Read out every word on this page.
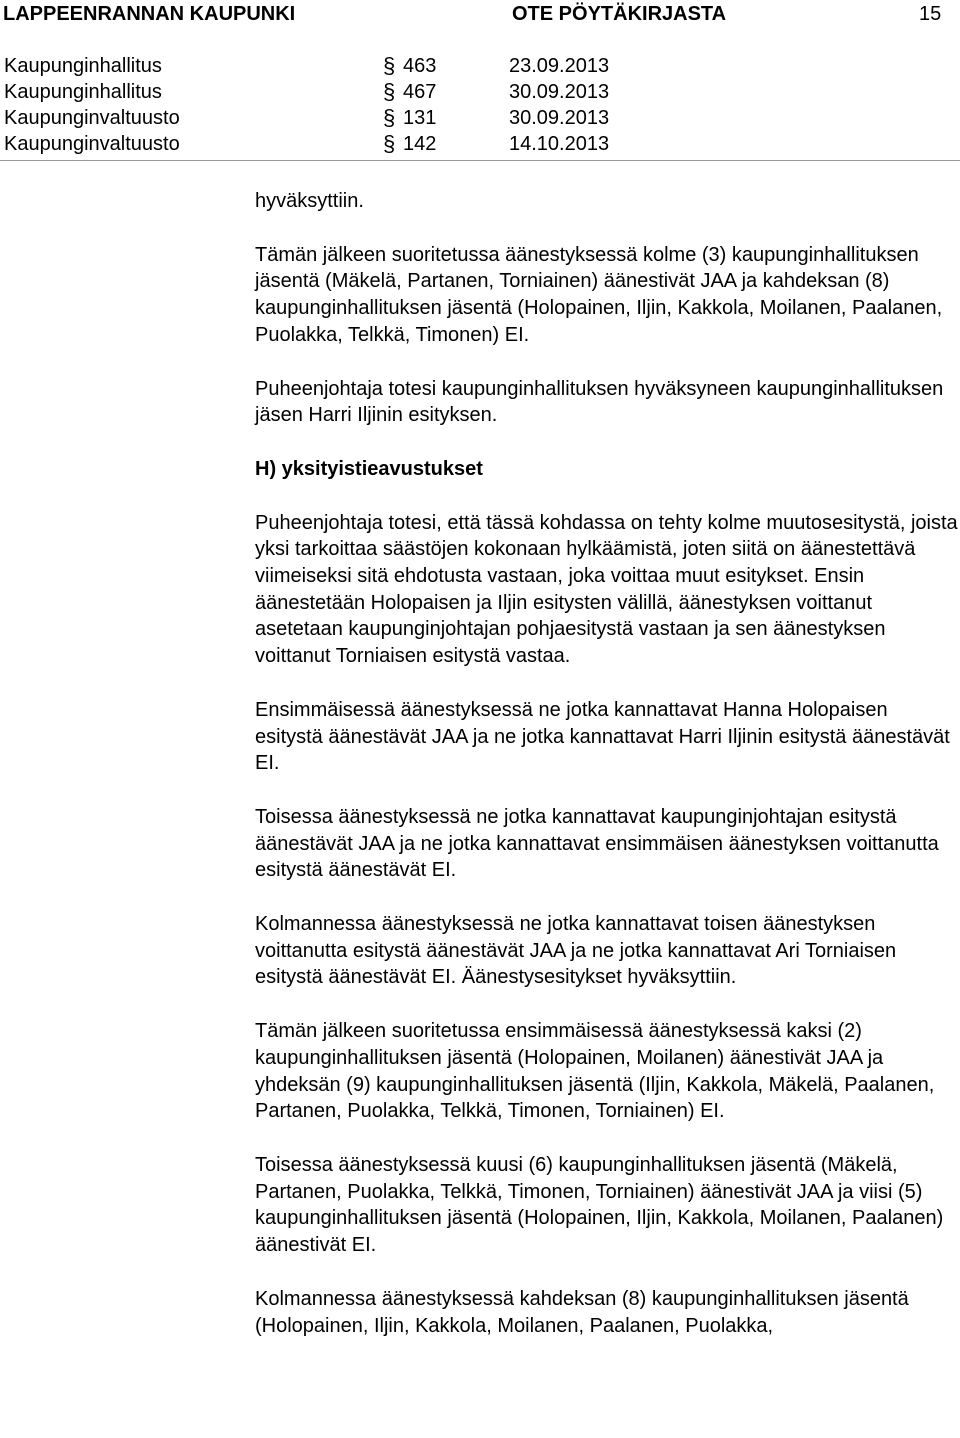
LAPPEENRANNAN KAUPUNKI	OTE PÖYTÄKIRJASTA	15
Kaupunginhallitus	§ 463	23.09.2013
Kaupunginhallitus	§ 467	30.09.2013
Kaupunginvaltuusto	§ 131	30.09.2013
Kaupunginvaltuusto	§ 142	14.10.2013

hyväksyttiin.

Tämän jälkeen suoritetussa äänestyksessä kolme (3) kaupunginhallituksen jäsentä (Mäkelä, Partanen, Torniainen) äänestivät JAA ja kahdeksan (8) kaupunginhallituksen jäsentä (Holopainen, Iljin, Kakkola, Moilanen, Paalanen, Puolakka, Telkkä, Timonen) EI.

Puheenjohtaja totesi kaupunginhallituksen hyväksyneen kaupunginhallituksen jäsen Harri Iljinin esityksen.

H) yksityistieavustukset

Puheenjohtaja totesi, että tässä kohdassa on tehty kolme muutosesitystä, joista yksi tarkoittaa säästöjen kokonaan hylkäämistä, joten siitä on äänestettävä viimeiseksi sitä ehdotusta vastaan, joka voittaa muut esitykset. Ensin äänestetään Holopaisen ja Iljin esitysten välillä, äänestyksen voittanut asetetaan kaupunginjohtajan pohjaesitystä vastaan ja sen äänestyksen voittanut Torniaisen esitystä vastaa.

Ensimmäisessä äänestyksessä ne jotka kannattavat Hanna Holopaisen esitystä äänestävät JAA ja ne jotka kannattavat Harri Iljinin esitystä äänestävät EI.

Toisessa äänestyksessä ne jotka kannattavat kaupunginjohtajan esitystä äänestävät JAA ja ne jotka kannattavat ensimmäisen äänestyksen voittanutta esitystä äänestävät EI.

Kolmannessa äänestyksessä ne jotka kannattavat toisen äänestyksen voittanutta esitystä äänestävät JAA ja ne jotka kannattavat Ari Torniaisen esitystä äänestävät EI. Äänestysesitykset hyväksyttiin.

Tämän jälkeen suoritetussa ensimmäisessä äänestyksessä kaksi (2) kaupunginhallituksen jäsentä (Holopainen, Moilanen) äänestivät JAA ja yhdeksän (9) kaupunginhallituksen jäsentä (Iljin, Kakkola, Mäkelä, Paalanen, Partanen, Puolakka, Telkkä, Timonen, Torniainen) EI.

Toisessa äänestyksessä kuusi (6) kaupunginhallituksen jäsentä (Mäkelä, Partanen, Puolakka, Telkkä, Timonen, Torniainen) äänestivät JAA ja viisi (5) kaupunginhallituksen jäsentä (Holopainen, Iljin, Kakkola, Moilanen, Paalanen) äänestivät EI.

Kolmannessa äänestyksessä kahdeksan (8) kaupunginhallituksen jäsentä (Holopainen, Iljin, Kakkola, Moilanen, Paalanen, Puolakka,
